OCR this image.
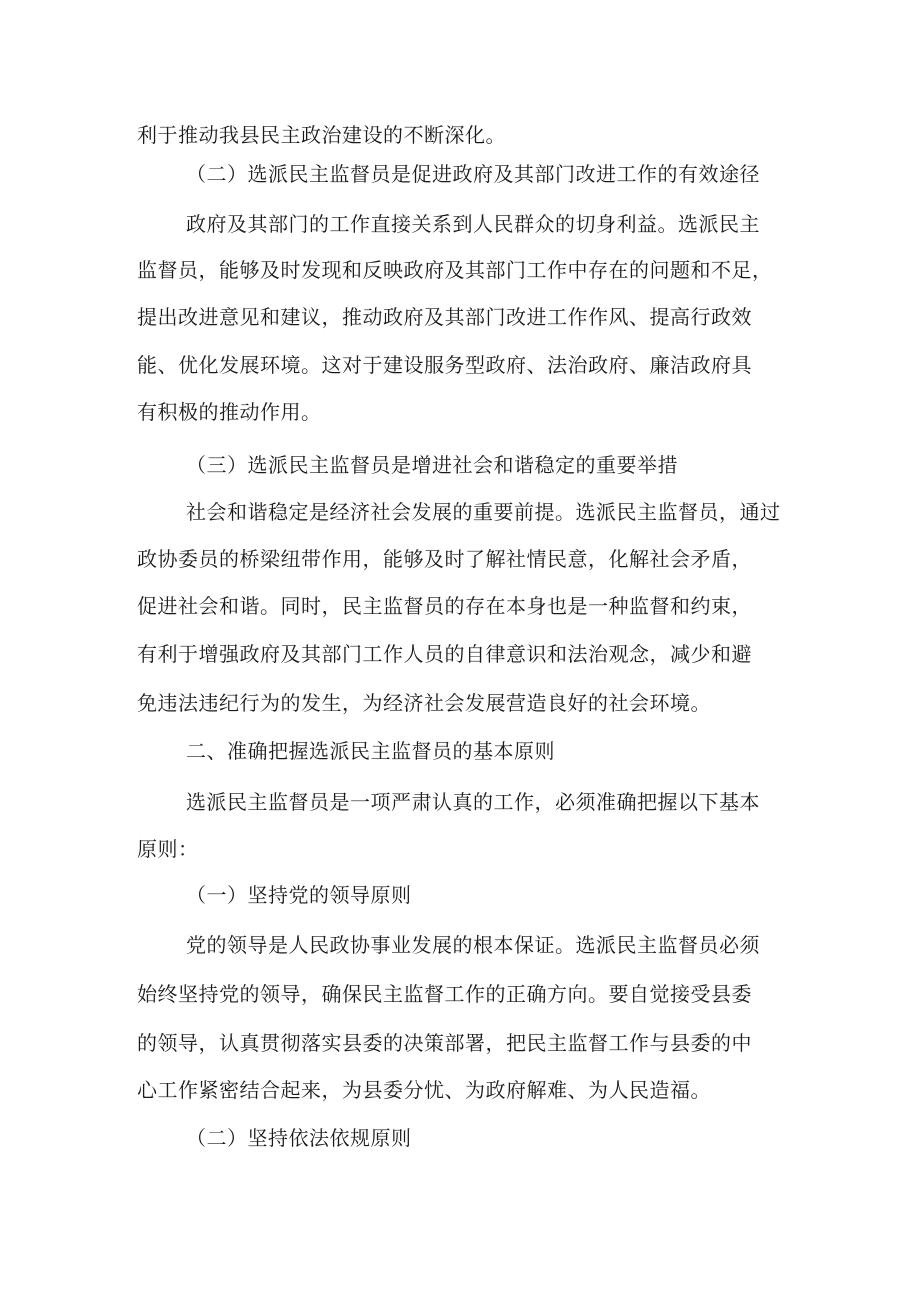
利于推动我县民主政治建设的不断深化。
（二）选派民主监督员是促进政府及其部门改进工作的有效途径
政府及其部门的工作直接关系到人民群众的切身利益。选派民主
监督员，能够及时发现和反映政府及其部门工作中存在的问题和不足，
提出改进意见和建议，推动政府及其部门改进工作作风、提高行政效
能、优化发展环境。这对于建设服务型政府、法治政府、廉洁政府具
有积极的推动作用。
（三）选派民主监督员是增进社会和谐稳定的重要举措
社会和谐稳定是经济社会发展的重要前提。选派民主监督员，通过
政协委员的桥梁纽带作用，能够及时了解社情民意，化解社会矛盾，
促进社会和谐。同时，民主监督员的存在本身也是一种监督和约束，
有利于增强政府及其部门工作人员的自律意识和法治观念，减少和避
免违法违纪行为的发生，为经济社会发展营造良好的社会环境。
二、准确把握选派民主监督员的基本原则
选派民主监督员是一项严肃认真的工作，必须准确把握以下基本
原则：
（一）坚持党的领导原则
党的领导是人民政协事业发展的根本保证。选派民主监督员必须
始终坚持党的领导，确保民主监督工作的正确方向。要自觉接受县委
的领导，认真贯彻落实县委的决策部署，把民主监督工作与县委的中
心工作紧密结合起来，为县委分忧、为政府解难、为人民造福。
（二）坚持依法依规原则
